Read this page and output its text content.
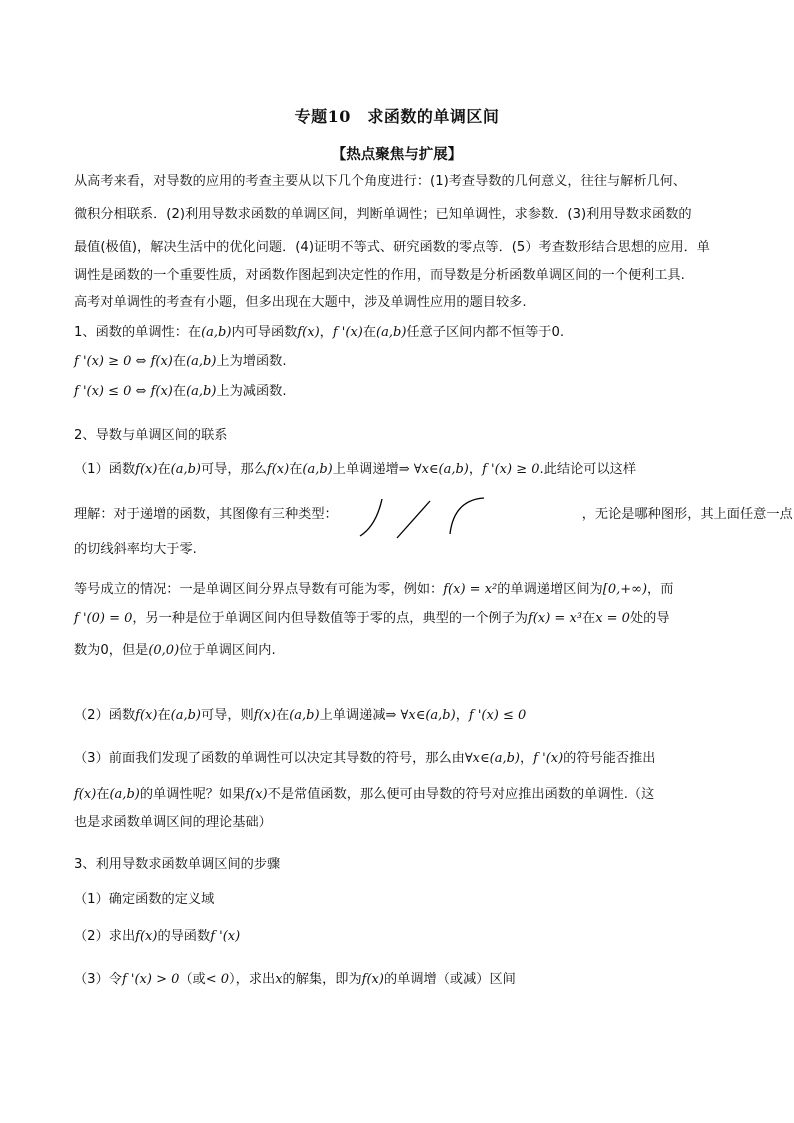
专题10　求函数的单调区间
【热点聚焦与扩展】
从高考来看，对导数的应用的考查主要从以下几个角度进行：(1)考查导数的几何意义，往往与解析几何、
微积分相联系．(2)利用导数求函数的单调区间，判断单调性；已知单调性，求参数．(3)利用导数求函数的
最值(极值)，解决生活中的优化问题．(4)证明不等式、研究函数的零点等．(5）考查数形结合思想的应用．单
调性是函数的一个重要性质，对函数作图起到决定性的作用，而导数是分析函数单调区间的一个便利工具.
高考对单调性的考查有小题，但多出现在大题中，涉及单调性应用的题目较多.
1、函数的单调性：在(a,b)内可导函数f(x)，f '(x)在(a,b)任意子区间内都不恒等于0.
f '(x) ≥ 0 ⇔ f(x)在(a,b)上为增函数.
f '(x) ≤ 0 ⇔ f(x)在(a,b)上为减函数.
2、导数与单调区间的联系
（1）函数f(x)在(a,b)可导，那么f(x)在(a,b)上单调递增⇒ ∀x∈(a,b)，f '(x) ≥ 0.此结论可以这样
理解：对于递增的函数，其图像有三种类型：　　　　　　　　　　　　　　　　　　　，无论是哪种图形，其上面任意一点
的切线斜率均大于零.
等号成立的情况：一是单调区间分界点导数有可能为零，例如：f(x) = x²的单调递增区间为[0,+∞)，而
f '(0) = 0，另一种是位于单调区间内但导数值等于零的点，典型的一个例子为f(x) = x³在x = 0处的导
数为0，但是(0,0)位于单调区间内.
（2）函数f(x)在(a,b)可导，则f(x)在(a,b)上单调递减⇒ ∀x∈(a,b)，f '(x) ≤ 0
（3）前面我们发现了函数的单调性可以决定其导数的符号，那么由∀x∈(a,b)，f '(x)的符号能否推出
f(x)在(a,b)的单调性呢？如果f(x)不是常值函数，那么便可由导数的符号对应推出函数的单调性.（这
也是求函数单调区间的理论基础）
3、利用导数求函数单调区间的步骤
（1）确定函数的定义域
（2）求出f(x)的导函数f '(x)
（3）令f '(x) > 0（或< 0），求出x的解集，即为f(x)的单调增（或减）区间
